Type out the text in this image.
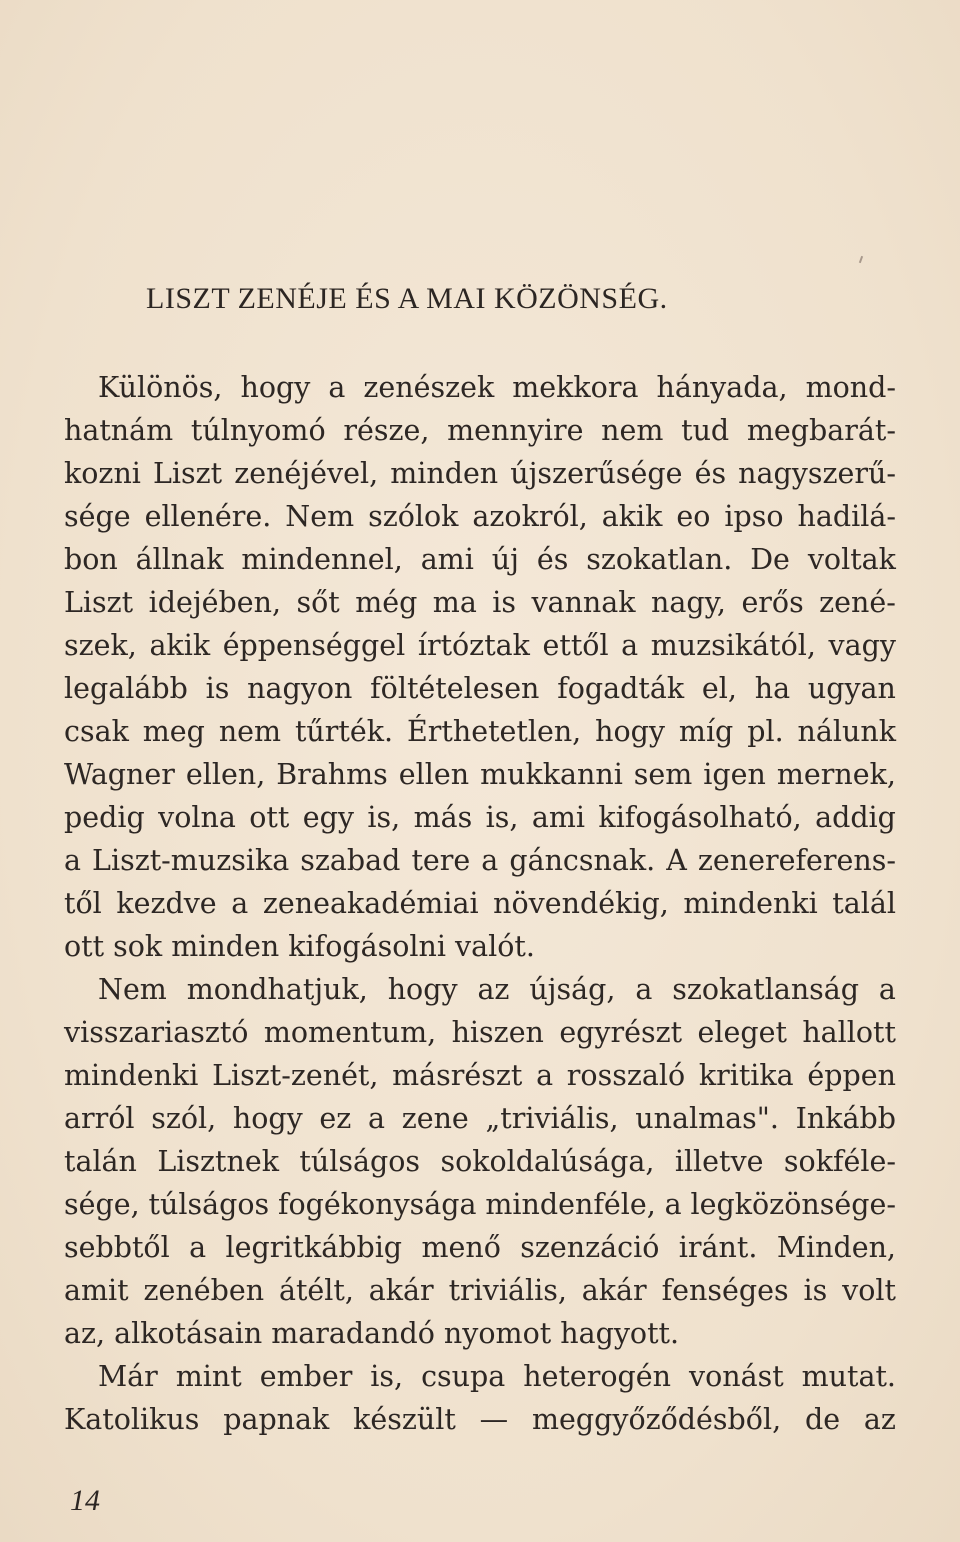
LISZT ZENÉJE ÉS A MAI KÖZÖNSÉG.
Különös, hogy a zenészek mekkora hányada, mond-
hatnám túlnyomó része, mennyire nem tud megbarát-
kozni Liszt zenéjével, minden újszerűsége és nagyszerű-
sége ellenére. Nem szólok azokról, akik eo ipso hadilá-
bon állnak mindennel, ami új és szokatlan. De voltak
Liszt idejében, sőt még ma is vannak nagy, erős zené-
szek, akik éppenséggel írtóztak ettől a muzsikától, vagy
legalább is nagyon föltételesen fogadták el, ha ugyan
csak meg nem tűrték. Érthetetlen, hogy míg pl. nálunk
Wagner ellen, Brahms ellen mukkanni sem igen mernek,
pedig volna ott egy is, más is, ami kifogásolható, addig
a Liszt-muzsika szabad tere a gáncsnak. A zenereferens-
től kezdve a zeneakadémiai növendékig, mindenki talál
ott sok minden kifogásolni valót.
Nem mondhatjuk, hogy az újság, a szokatlanság a
visszariasztó momentum, hiszen egyrészt eleget hallott
mindenki Liszt-zenét, másrészt a rosszaló kritika éppen
arról szól, hogy ez a zene „triviális, unalmas". Inkább
talán Lisztnek túlságos sokoldalúsága, illetve sokféle-
sége, túlságos fogékonysága mindenféle, a legközönsége-
sebbtől a legritkábbig menő szenzáció iránt. Minden,
amit zenében átélt, akár triviális, akár fenséges is volt
az, alkotásain maradandó nyomot hagyott.
Már mint ember is, csupa heterogén vonást mutat.
Katolikus papnak készült — meggyőződésből, de az
14
